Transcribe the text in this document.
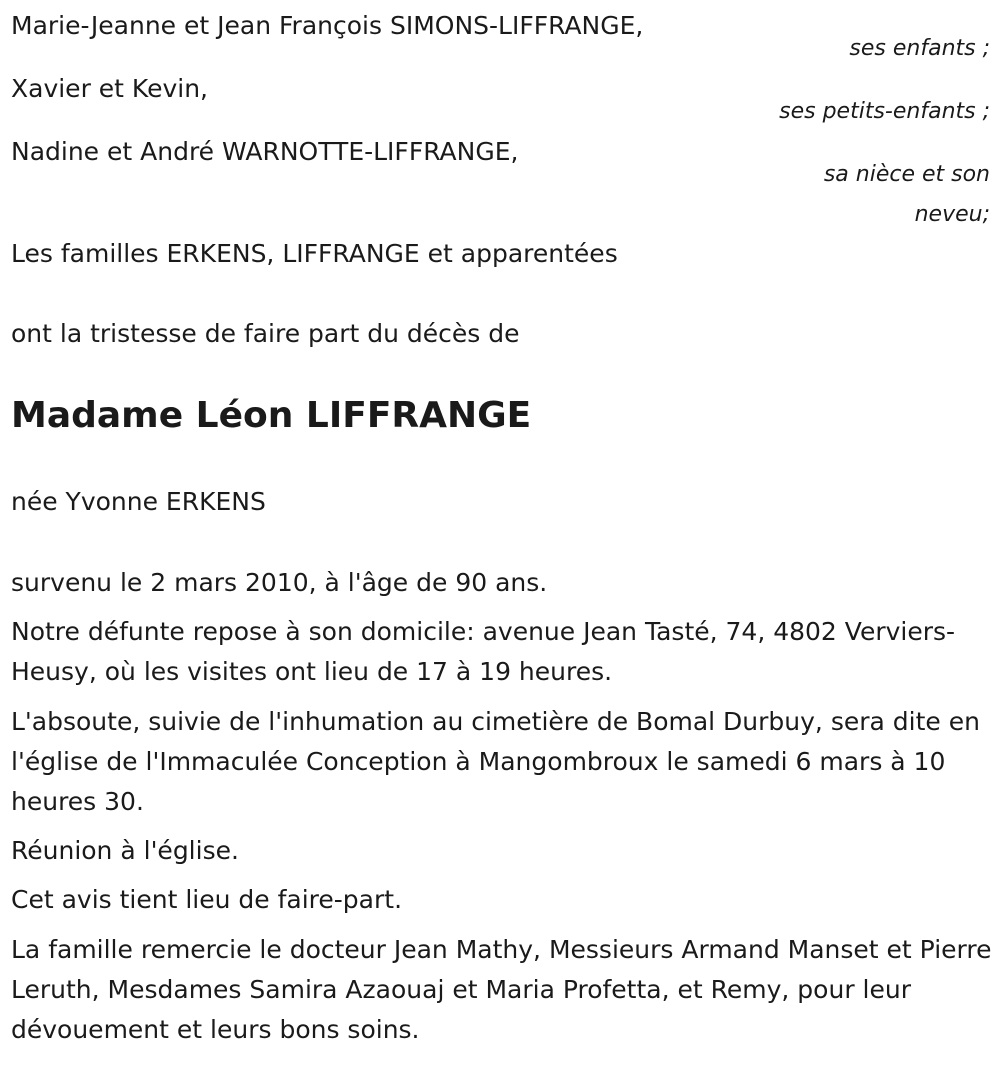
Marie-Jeanne et Jean François SIMONS-LIFFRANGE,
ses enfants ;
Xavier et Kevin,
ses petits-enfants ;
Nadine et André WARNOTTE-LIFFRANGE,
sa nièce et son
neveu;
Les familles ERKENS, LIFFRANGE et apparentées
ont la tristesse de faire part du décès de
Madame Léon LIFFRANGE
née Yvonne ERKENS
survenu le 2 mars 2010, à l'âge de 90 ans.
Notre défunte repose à son domicile: avenue Jean Tasté, 74, 4802 Verviers-Heusy, où les visites ont lieu de 17 à 19 heures.
L'absoute, suivie de l'inhumation au cimetière de Bomal Durbuy, sera dite en l'église de l'Immaculée Conception à Mangombroux le samedi 6 mars à 10 heures 30.
Réunion à l'église.
Cet avis tient lieu de faire-part.
La famille remercie le docteur Jean Mathy, Messieurs Armand Manset et Pierre Leruth, Mesdames Samira Azaouaj et Maria Profetta, et Remy, pour leur dévouement et leurs bons soins.
